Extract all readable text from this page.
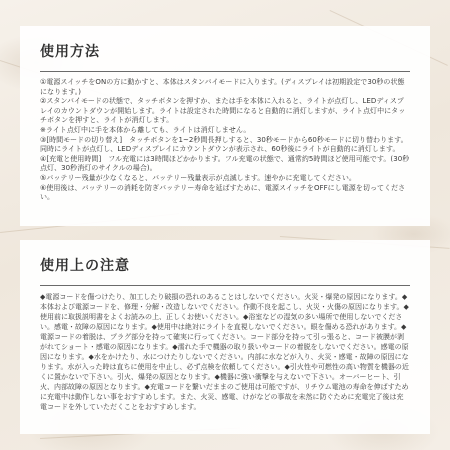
使用方法

①電源スイッチをONの方に動かすと、本体はスタンバイモードに入ります。(ディスプレイは初期設定で30秒の状態になります。)

②スタンバイモードの状態で、タッチボタンを押すか、または手を本体に入れると、ライトが点灯し、LEDディスプレイのカウントダウンが開始します。ライトは設定された時間になると自動的に消灯しますが、ライト点灯中にタッチボタンを押すと、ライトが消灯します。

※ライト点灯中に手を本体から離しても、ライトは消灯しません。

③[時間モードの切り替え]　タッチボタンを1~2秒間長押しすると、30秒モードから60秒モードに切り替わります。同時にライトが点灯し、LEDディスプレイにカウントダウンが表示され、60秒後にライトが自動的に消灯します。

④[充電と使用時間]　フル充電には3時間ほどかかります。フル充電の状態で、通常約5時間ほど使用可能です。(30秒点灯、30秒消灯のサイクルの場合)。

⑤バッテリー残量が少なくなると、バッテリー残量表示が点滅します。速やかに充電してください。

⑥使用後は、バッテリーの消耗を防ぎバッテリー寿命を延ばすために、電源スイッチをOFFにし電源を切ってください。

使用上の注意

◆電源コードを傷つけたり、加工したり破損の恐れのあることはしないでください。火災・爆発の原因になります。◆本体および電源コードを、修理・分解・改造しないでください。作動不良を起こし、火災・火傷の原因になります。◆使用前に取扱説明書をよくお読みの上、正しくお使いください。◆浴室などの湿気の多い場所で使用しないでください。感電・故障の原因になります。◆使用中は絶対にライトを直視しないでください。眼を傷める恐れがあります。◆電源コードの着脱は、プラグ部分を持って確実に行ってください。コード部分を持って引っ張ると、コード被膜が剥がれてショート・感電の原因になります。◆濡れた手で機器の取り扱いやコードの着脱をしないでください。感電の原因になります。◆水をかけたり、水につけたりしないでください。内部に水などが入り、火災・感電・故障の原因になります。水が入った時は直ちに使用を中止し、必ず点検を依頼してください。◆引火性や可燃性の高い物質を機器の近くに置かないで下さい。引火、爆発の原因となります。◆機器に強い衝撃を与えないで下さい。オーバーヒート、引火、内部故障の原因となります。◆充電コードを繋いだままのご使用は可能ですが、リチウム電池の寿命を伸ばすために充電中は動作しない事をおすすめします。また、火災、感電、けがなどの事故を未然に防ぐために充電完了後は充電コードを外していただくことをおすすめします。
